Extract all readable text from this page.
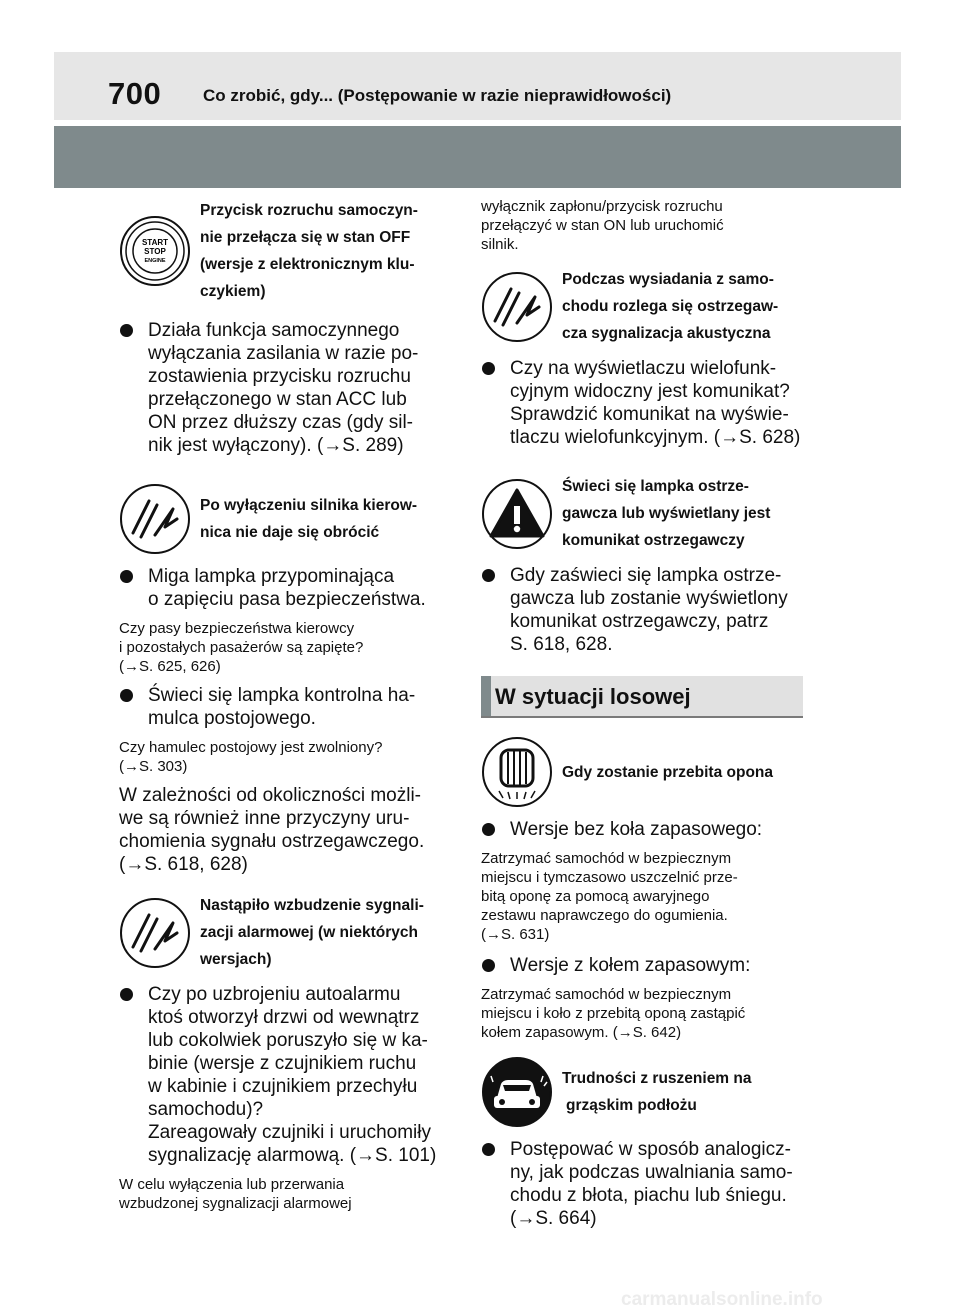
700 Co zrobić, gdy... (Postępowanie w razie nieprawidłowości)
START
STOP
ENGINE
Przycisk rozruchu samoczyn-
nie przełącza się w stan OFF
(wersje z elektronicznym klu-
czykiem)
Działa funkcja samoczynnego
wyłączania zasilania w razie po-
zostawienia przycisku rozruchu
przełączonego w stan ACC lub
ON przez dłuższy czas (gdy sil-
nik jest wyłączony). (→S. 289)
Po wyłączeniu silnika kierow-
nica nie daje się obrócić
Miga lampka przypominająca
o zapięciu pasa bezpieczeństwa.
Czy pasy bezpieczeństwa kierowcy
i pozostałych pasażerów są zapięte?
(→S. 625, 626)
Świeci się lampka kontrolna ha-
mulca postojowego.
Czy hamulec postojowy jest zwolniony?
(→S. 303)
W zależności od okoliczności możli-
we są również inne przyczyny uru-
chomienia sygnału ostrzegawczego.
(→S. 618, 628)
Nastąpiło wzbudzenie sygnali-
zacji alarmowej (w niektórych
wersjach)
Czy po uzbrojeniu autoalarmu
ktoś otworzył drzwi od wewnątrz
lub cokolwiek poruszyło się w ka-
binie (wersje z czujnikiem ruchu
w kabinie i czujnikiem przechyłu
samochodu)?
Zareagowały czujniki i uruchomiły
sygnalizację alarmową. (→S. 101)
W celu wyłączenia lub przerwania
wzbudzonej sygnalizacji alarmowej
wyłącznik zapłonu/przycisk rozruchu
przełączyć w stan ON lub uruchomić
silnik.
Podczas wysiadania z samo-
chodu rozlega się ostrzegaw-
cza sygnalizacja akustyczna
Czy na wyświetlaczu wielofunk-
cyjnym widoczny jest komunikat?
Sprawdzić komunikat na wyświe-
tlaczu wielofunkcyjnym. (→S. 628)
Świeci się lampka ostrze-
gawcza lub wyświetlany jest
komunikat ostrzegawczy
Gdy zaświeci się lampka ostrze-
gawcza lub zostanie wyświetlony
komunikat ostrzegawczy, patrz
S. 618, 628.
W sytuacji losowej
Gdy zostanie przebita opona
Wersje bez koła zapasowego:
Zatrzymać samochód w bezpiecznym
miejscu i tymczasowo uszczelnić prze-
bitą oponę za pomocą awaryjnego
zestawu naprawczego do ogumienia.
(→S. 631)
Wersje z kołem zapasowym:
Zatrzymać samochód w bezpiecznym
miejscu i koło z przebitą oponą zastąpić
kołem zapasowym. (→S. 642)
Trudności z ruszeniem na
grząskim podłożu
Postępować w sposób analogicz-
ny, jak podczas uwalniania samo-
chodu z błota, piachu lub śniegu.
(→S. 664)
carmanualsonline.info
